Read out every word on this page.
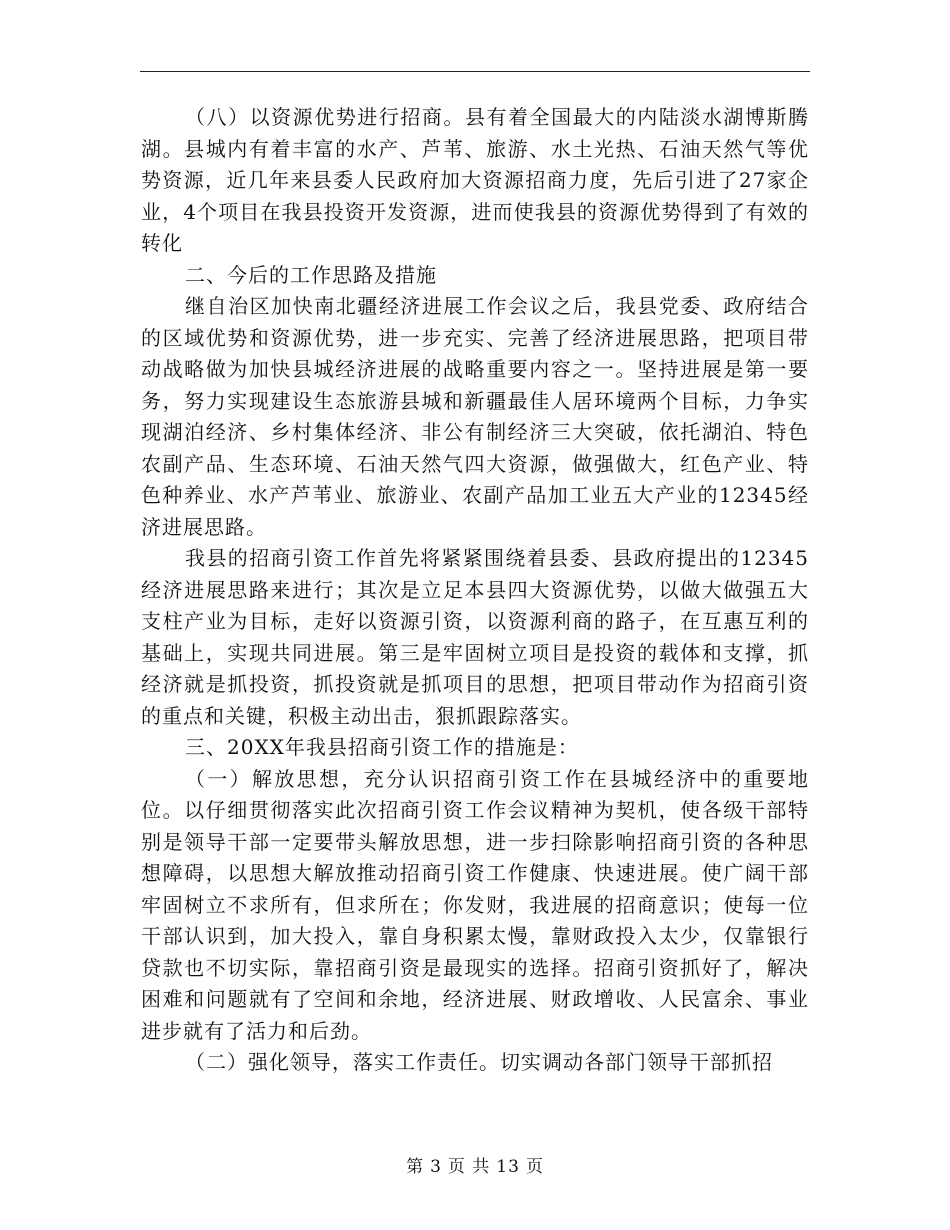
（八）以资源优势进行招商。县有着全国最大的内陆淡水湖博斯腾湖。县城内有着丰富的水产、芦苇、旅游、水土光热、石油天然气等优势资源，近几年来县委人民政府加大资源招商力度，先后引进了27家企业，4个项目在我县投资开发资源，进而使我县的资源优势得到了有效的转化

二、今后的工作思路及措施

继自治区加快南北疆经济进展工作会议之后，我县党委、政府结合的区域优势和资源优势，进一步充实、完善了经济进展思路，把项目带动战略做为加快县城经济进展的战略重要内容之一。坚持进展是第一要务，努力实现建设生态旅游县城和新疆最佳人居环境两个目标，力争实现湖泊经济、乡村集体经济、非公有制经济三大突破，依托湖泊、特色农副产品、生态环境、石油天然气四大资源，做强做大，红色产业、特色种养业、水产芦苇业、旅游业、农副产品加工业五大产业的12345经济进展思路。

我县的招商引资工作首先将紧紧围绕着县委、县政府提出的12345经济进展思路来进行；其次是立足本县四大资源优势，以做大做强五大支柱产业为目标，走好以资源引资，以资源利商的路子，在互惠互利的基础上，实现共同进展。第三是牢固树立项目是投资的载体和支撑，抓经济就是抓投资，抓投资就是抓项目的思想，把项目带动作为招商引资的重点和关键，积极主动出击，狠抓跟踪落实。

三、20XX年我县招商引资工作的措施是：

（一）解放思想，充分认识招商引资工作在县城经济中的重要地位。以仔细贯彻落实此次招商引资工作会议精神为契机，使各级干部特别是领导干部一定要带头解放思想，进一步扫除影响招商引资的各种思想障碍，以思想大解放推动招商引资工作健康、快速进展。使广阔干部牢固树立不求所有，但求所在；你发财，我进展的招商意识；使每一位干部认识到，加大投入，靠自身积累太慢，靠财政投入太少，仅靠银行贷款也不切实际，靠招商引资是最现实的选择。招商引资抓好了，解决困难和问题就有了空间和余地，经济进展、财政增收、人民富余、事业进步就有了活力和后劲。

（二）强化领导，落实工作责任。切实调动各部门领导干部抓招

第 3 页 共 13 页
